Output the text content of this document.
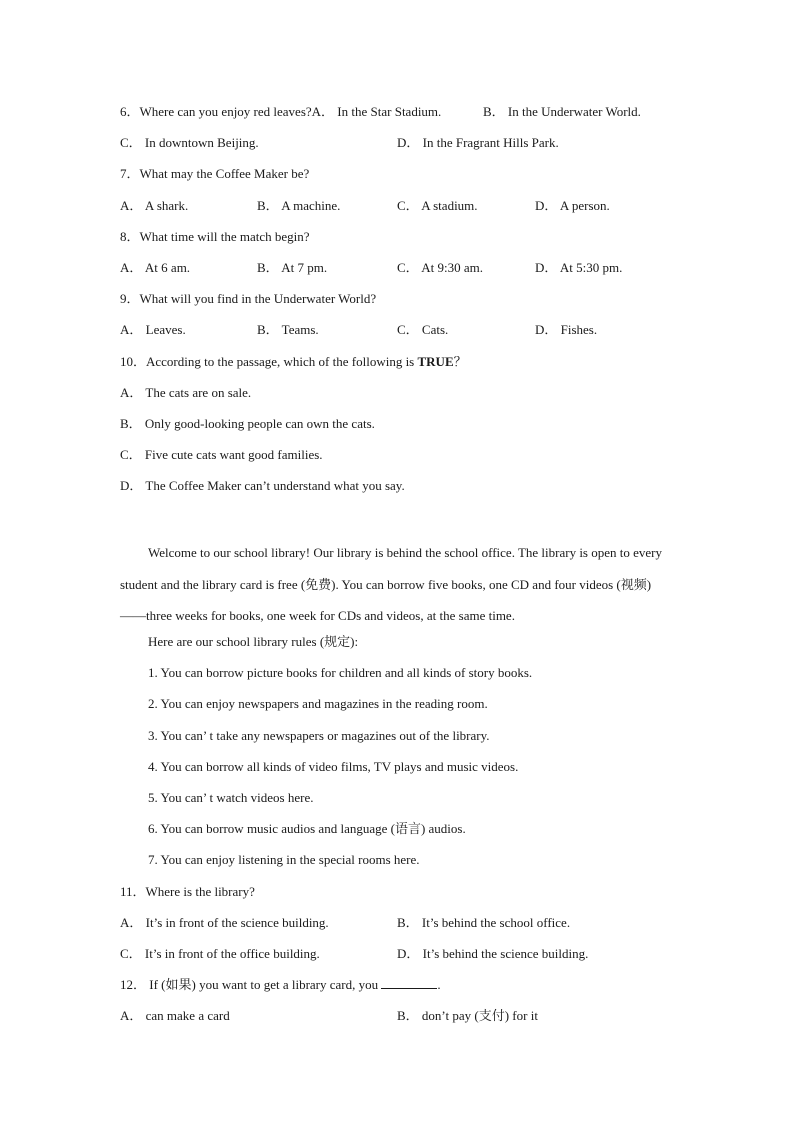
6．Where can you enjoy red leaves?A． In the Star Stadium.	B． In the Underwater World.
C． In downtown Beijing.	D． In the Fragrant Hills Park.
7．What may the Coffee Maker be?
A． A shark.	B． A machine.	C． A stadium.	D． A person.
8．What time will the match begin?
A． At 6 am.	B． At 7 pm.	C． At 9:30 am.	D． At 5:30 pm.
9．What will you find in the Underwater World?
A． Leaves.	B． Teams.	C． Cats.	D． Fishes.
10．According to the passage, which of the following is TRUE？
A． The cats are on sale.
B． Only good-looking people can own the cats.
C． Five cute cats want good families.
D． The Coffee Maker can’t understand what you say.
Welcome to our school library! Our library is behind the school office. The library is open to every student and the library card is free (免费). You can borrow five books, one CD and four videos (视频)——three weeks for books, one week for CDs and videos, at the same time.
Here are our school library rules (规定):
1. You can borrow picture books for children and all kinds of story books.
2. You can enjoy newspapers and magazines in the reading room.
3. You can’ t take any newspapers or magazines out of the library.
4. You can borrow all kinds of video films, TV plays and music videos.
5. You can’ t watch videos here.
6. You can borrow music audios and language (语言) audios.
7. You can enjoy listening in the special rooms here.
11．Where is the library?
A． It’s in front of the science building.	B． It’s behind the school office.
C． It’s in front of the office building.	D． It’s behind the science building.
12． If (如果) you want to get a library card, you	.
A． can make a card	B． don’t pay (支付) for it
